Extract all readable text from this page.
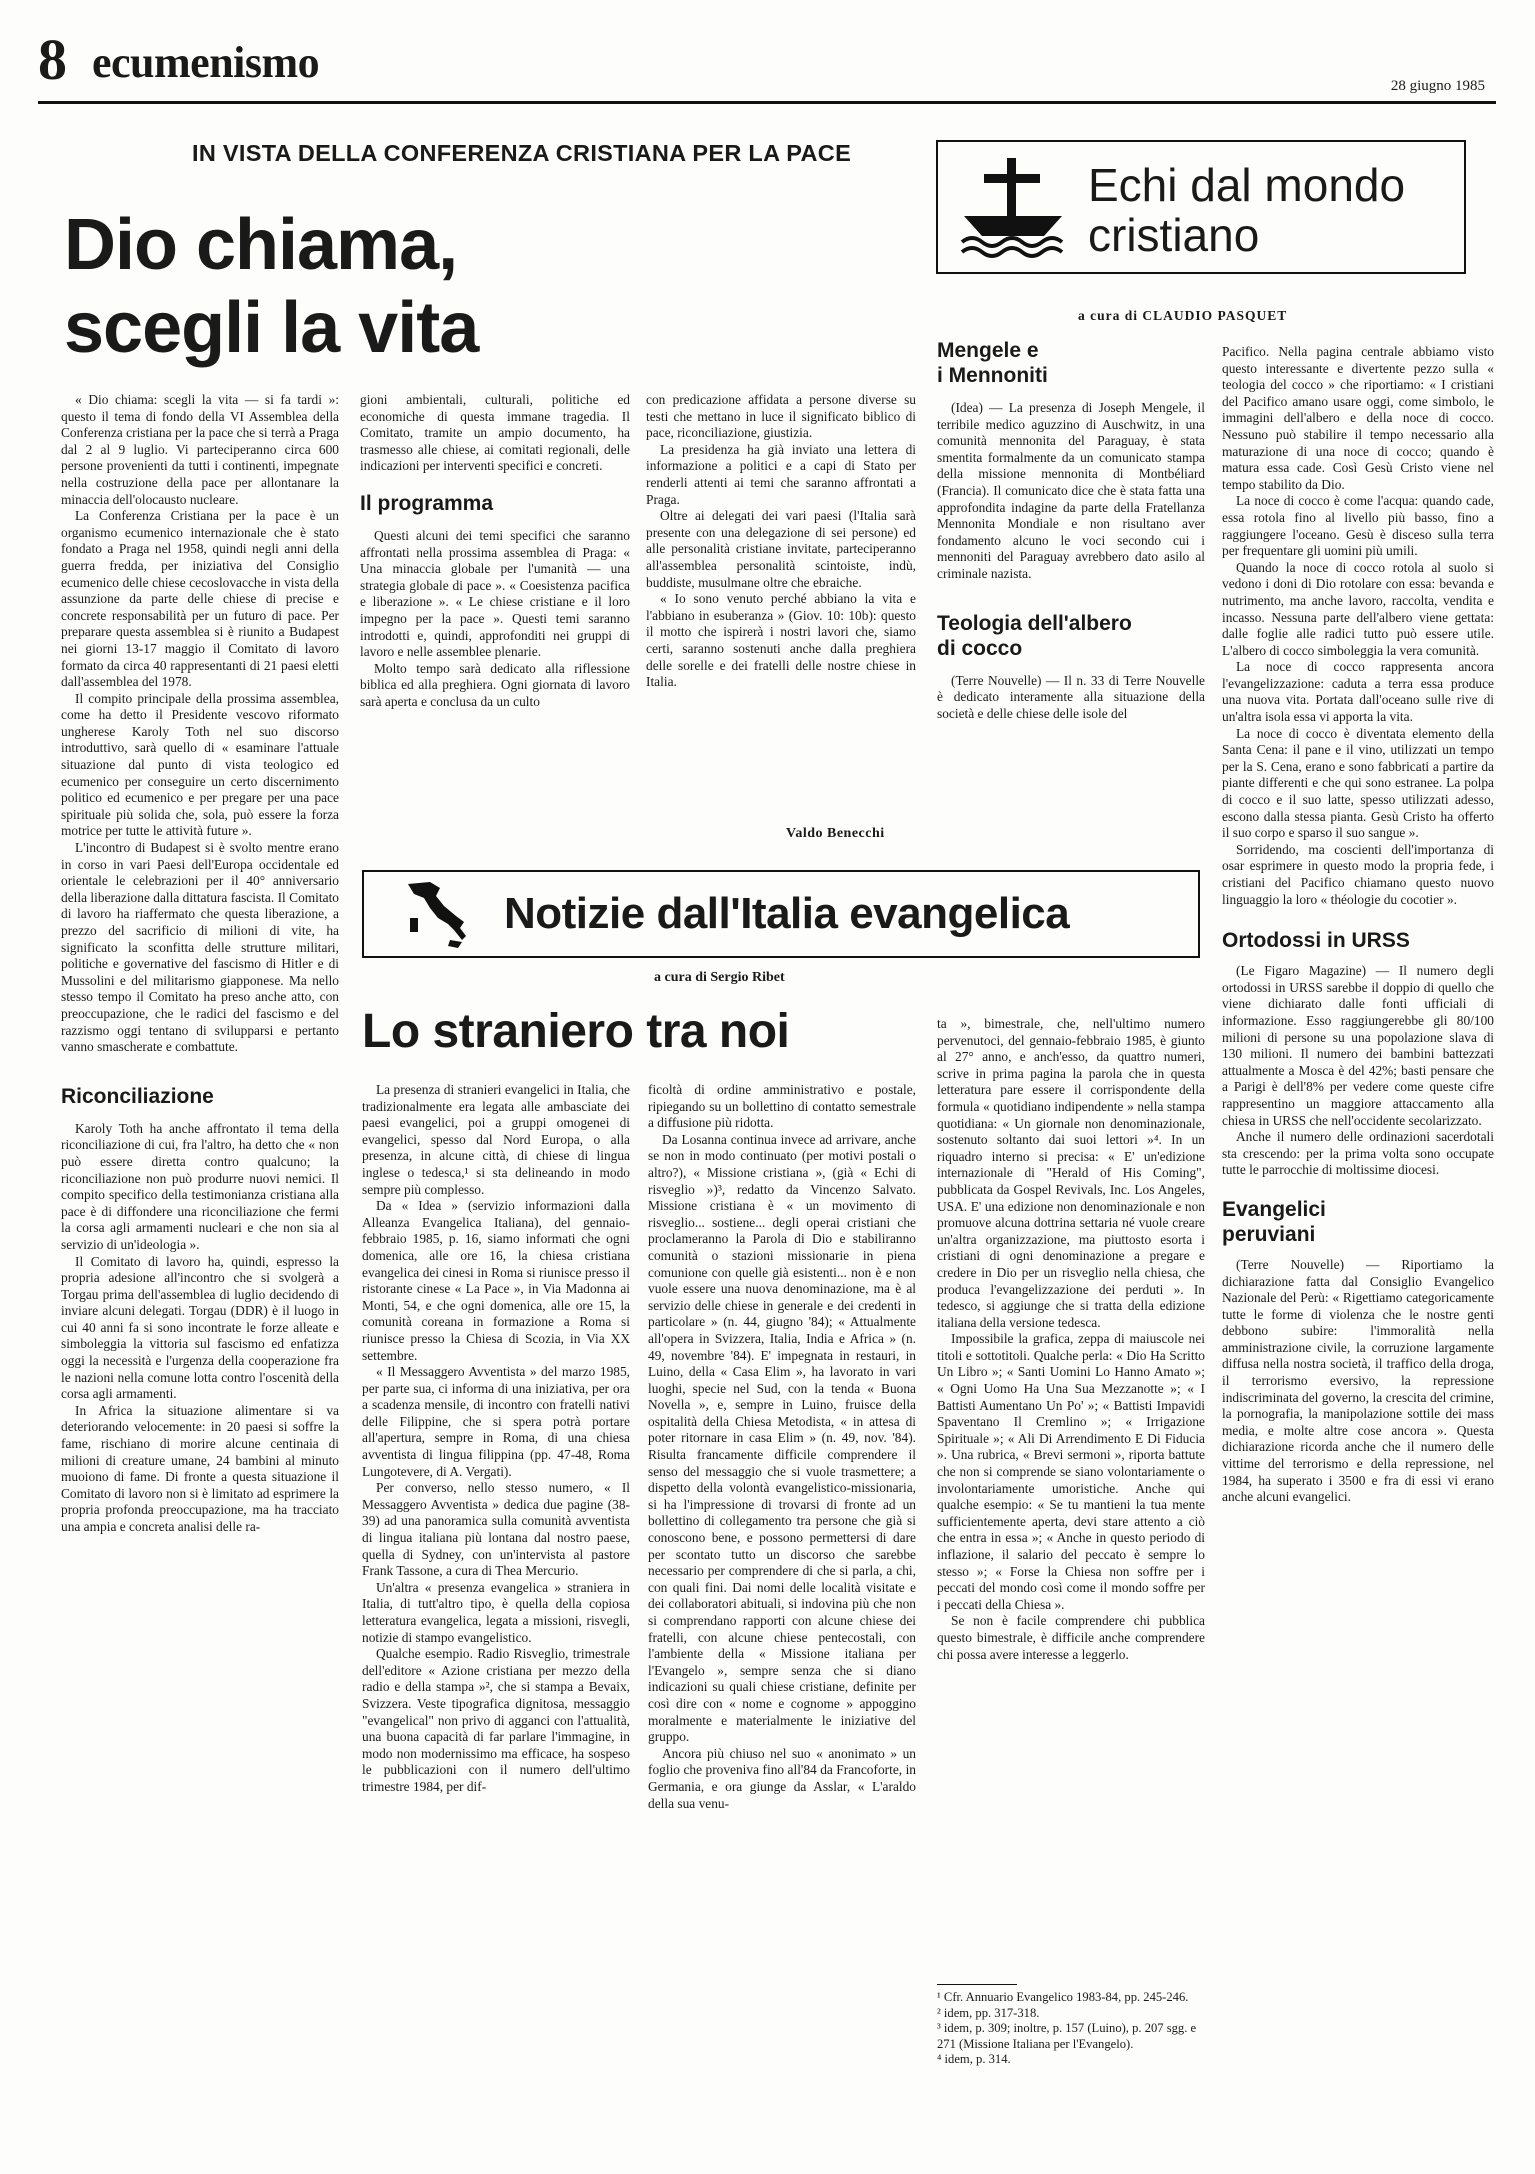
8 ecumenismo	28 giugno 1985
IN VISTA DELLA CONFERENZA CRISTIANA PER LA PACE
Dio chiama,
scegli la vita

« Dio chiama: scegli la vita — si fa tardi »: questo il tema di fondo della VI Assemblea della Conferenza cristiana per la pace che si terrà a Praga dal 2 al 9 luglio. Vi parteciperanno circa 600 persone provenienti da tutti i continenti, impegnate nella costruzione della pace per allontanare la minaccia dell'olocausto nucleare.

La Conferenza Cristiana per la pace è un organismo ecumenico internazionale che è stato fondato a Praga nel 1958, quindi negli anni della guerra fredda, per iniziativa del Consiglio ecumenico delle chiese cecoslovacche in vista della assunzione da parte delle chiese di precise e concrete responsabilità per un futuro di pace. Per preparare questa assemblea si è riunito a Budapest nei giorni 13-17 maggio il Comitato di lavoro formato da circa 40 rappresentanti di 21 paesi eletti dall'assemblea del 1978.

Il compito principale della prossima assemblea, come ha detto il Presidente vescovo riformato ungherese Karoly Toth nel suo discorso introduttivo, sarà quello di « esaminare l'attuale situazione dal punto di vista teologico ed ecumenico per conseguire un certo discernimento politico ed ecumenico e per pregare per una pace spirituale più solida che, sola, può essere la forza motrice per tutte le attività future ».

L'incontro di Budapest si è svolto mentre erano in corso in vari Paesi dell'Europa occidentale ed orientale le celebrazioni per il 40° anniversario della liberazione dalla dittatura fascista. Il Comitato di lavoro ha riaffermato che questa liberazione, a prezzo del sacrificio di milioni di vite, ha significato la sconfitta delle strutture militari, politiche e governative del fascismo di Hitler e di Mussolini e del militarismo giapponese. Ma nello stesso tempo il Comitato ha preso anche atto, con preoccupazione, che le radici del fascismo e del razzismo oggi tentano di svilupparsi e pertanto vanno smascherate e combattute.

Riconciliazione

Karoly Toth ha anche affrontato il tema della riconciliazione di cui, fra l'altro, ha detto che « non può essere diretta contro qualcuno; la riconciliazione non può produrre nuovi nemici. Il compito specifico della testimonianza cristiana alla pace è di diffondere una riconciliazione che fermi la corsa agli armamenti nucleari e che non sia al servizio di un'ideologia ».

Il Comitato di lavoro ha, quindi, espresso la propria adesione all'incontro che si svolgerà a Torgau prima dell'assemblea di luglio decidendo di inviare alcuni delegati. Torgau (DDR) è il luogo in cui 40 anni fa si sono incontrate le forze alleate e simboleggia la vittoria sul fascismo ed enfatizza oggi la necessità e l'urgenza della cooperazione fra le nazioni nella comune lotta contro l'oscenità della corsa agli armamenti.

In Africa la situazione alimentare si va deteriorando velocemente: in 20 paesi si soffre la fame, rischiano di morire alcune centinaia di milioni di creature umane, 24 bambini al minuto muoiono di fame. Di fronte a questa situazione il Comitato di lavoro non si è limitato ad esprimere la propria profonda preoccupazione, ma ha tracciato una ampia e concreta analisi delle ra-

gioni ambientali, culturali, politiche ed economiche di questa immane tragedia. Il Comitato, tramite un ampio documento, ha trasmesso alle chiese, ai comitati regionali, delle indicazioni per interventi specifici e concreti.

Il programma

Questi alcuni dei temi specifici che saranno affrontati nella prossima assemblea di Praga: « Una minaccia globale per l'umanità — una strategia globale di pace ». « Coesistenza pacifica e liberazione ». « Le chiese cristiane e il loro impegno per la pace ». Questi temi saranno introdotti e, quindi, approfonditi nei gruppi di lavoro e nelle assemblee plenarie.

Molto tempo sarà dedicato alla riflessione biblica ed alla preghiera. Ogni giornata di lavoro sarà aperta e conclusa da un culto

con predicazione affidata a persone diverse su testi che mettano in luce il significato biblico di pace, riconciliazione, giustizia.

La presidenza ha già inviato una lettera di informazione a politici e a capi di Stato per renderli attenti ai temi che saranno affrontati a Praga.

Oltre ai delegati dei vari paesi (l'Italia sarà presente con una delegazione di sei persone) ed alle personalità cristiane invitate, parteciperanno all'assemblea personalità scintoiste, indù, buddiste, musulmane oltre che ebraiche.

« Io sono venuto perché abbiano la vita e l'abbiano in esuberanza » (Giov. 10: 10b): questo il motto che ispirerà i nostri lavori che, siamo certi, saranno sostenuti anche dalla preghiera delle sorelle e dei fratelli delle nostre chiese in Italia.

Valdo Benecchi
Echi dal mondo
cristiano
a cura di CLAUDIO PASQUET
Mengele e
i Mennoniti

(Idea) — La presenza di Joseph Mengele, il terribile medico aguzzino di Auschwitz, in una comunità mennonita del Paraguay, è stata smentita formalmente da un comunicato stampa della missione mennonita di Montbéliard (Francia). Il comunicato dice che è stata fatta una approfondita indagine da parte della Fratellanza Mennonita Mondiale e non risultano aver fondamento alcuno le voci secondo cui i mennoniti del Paraguay avrebbero dato asilo al criminale nazista.

Teologia dell'albero
di cocco

(Terre Nouvelle) — Il n. 33 di Terre Nouvelle è dedicato interamente alla situazione della società e delle chiese delle isole del

Pacifico. Nella pagina centrale abbiamo visto questo interessante e divertente pezzo sulla « teologia del cocco » che riportiamo: « I cristiani del Pacifico amano usare oggi, come simbolo, le immagini dell'albero e della noce di cocco. Nessuno può stabilire il tempo necessario alla maturazione di una noce di cocco; quando è matura essa cade. Così Gesù Cristo viene nel tempo stabilito da Dio.

La noce di cocco è come l'acqua: quando cade, essa rotola fino al livello più basso, fino a raggiungere l'oceano. Gesù è disceso sulla terra per frequentare gli uomini più umili.

Quando la noce di cocco rotola al suolo si vedono i doni di Dio rotolare con essa: bevanda e nutrimento, ma anche lavoro, raccolta, vendita e incasso. Nessuna parte dell'albero viene gettata: dalle foglie alle radici tutto può essere utile. L'albero di cocco simboleggia la vera comunità.

La noce di cocco rappresenta ancora l'evangelizzazione: caduta a terra essa produce una nuova vita. Portata dall'oceano sulle rive di un'altra isola essa vi apporta la vita.

La noce di cocco è diventata elemento della Santa Cena: il pane e il vino, utilizzati un tempo per la S. Cena, erano e sono fabbricati a partire da piante differenti e che qui sono estranee. La polpa di cocco e il suo latte, spesso utilizzati adesso, escono dalla stessa pianta. Gesù Cristo ha offerto il suo corpo e sparso il suo sangue ».

Sorridendo, ma coscienti dell'importanza di osar esprimere in questo modo la propria fede, i cristiani del Pacifico chiamano questo nuovo linguaggio la loro « théologie du cocotier ».

Ortodossi in URSS

(Le Figaro Magazine) — Il numero degli ortodossi in URSS sarebbe il doppio di quello che viene dichiarato dalle fonti ufficiali di informazione. Esso raggiungerebbe gli 80/100 milioni di persone su una popolazione slava di 130 milioni. Il numero dei bambini battezzati attualmente a Mosca è del 42%; basti pensare che a Parigi è dell'8% per vedere come queste cifre rappresentino un maggiore attaccamento alla chiesa in URSS che nell'occidente secolarizzato.

Anche il numero delle ordinazioni sacerdotali sta crescendo: per la prima volta sono occupate tutte le parrocchie di moltissime diocesi.

Evangelici
peruviani

(Terre Nouvelle) — Riportiamo la dichiarazione fatta dal Consiglio Evangelico Nazionale del Perù: « Rigettiamo categoricamente tutte le forme di violenza che le nostre genti debbono subire: l'immoralità nella amministrazione civile, la corruzione largamente diffusa nella nostra società, il traffico della droga, il terrorismo eversivo, la repressione indiscriminata del governo, la crescita del crimine, la pornografia, la manipolazione sottile dei mass media, e molte altre cose ancora ». Questa dichiarazione ricorda anche che il numero delle vittime del terrorismo e della repressione, nel 1984, ha superato i 3500 e fra di essi vi erano anche alcuni evangelici.

Notizie dall'Italia evangelica
a cura di Sergio Ribet
Lo straniero tra noi

La presenza di stranieri evangelici in Italia, che tradizionalmente era legata alle ambasciate dei paesi evangelici, poi a gruppi omogenei di evangelici, spesso dal Nord Europa, o alla presenza, in alcune città, di chiese di lingua inglese o tedesca,¹ si sta delineando in modo sempre più complesso.

Da « Idea » (servizio informazioni dalla Alleanza Evangelica Italiana), del gennaio-febbraio 1985, p. 16, siamo informati che ogni domenica, alle ore 16, la chiesa cristiana evangelica dei cinesi in Roma si riunisce presso il ristorante cinese « La Pace », in Via Madonna ai Monti, 54, e che ogni domenica, alle ore 15, la comunità coreana in formazione a Roma si riunisce presso la Chiesa di Scozia, in Via XX settembre.

« Il Messaggero Avventista » del marzo 1985, per parte sua, ci informa di una iniziativa, per ora a scadenza mensile, di incontro con fratelli nativi delle Filippine, che si spera potrà portare all'apertura, sempre in Roma, di una chiesa avventista di lingua filippina (pp. 47-48, Roma Lungotevere, di A. Vergati).

Per converso, nello stesso numero, « Il Messaggero Avventista » dedica due pagine (38-39) ad una panoramica sulla comunità avventista di lingua italiana più lontana dal nostro paese, quella di Sydney, con un'intervista al pastore Frank Tassone, a cura di Thea Mercurio.

Un'altra « presenza evangelica » straniera in Italia, di tutt'altro tipo, è quella della copiosa letteratura evangelica, legata a missioni, risvegli, notizie di stampo evangelistico.

Qualche esempio. Radio Risveglio, trimestrale dell'editore « Azione cristiana per mezzo della radio e della stampa »², che si stampa a Bevaix, Svizzera. Veste tipografica dignitosa, messaggio "evangelical" non privo di agganci con l'attualità, una buona capacità di far parlare l'immagine, in modo non modernissimo ma efficace, ha sospeso le pubblicazioni con il numero dell'ultimo trimestre 1984, per dif-

ficoltà di ordine amministrativo e postale, ripiegando su un bollettino di contatto semestrale a diffusione più ridotta.

Da Losanna continua invece ad arrivare, anche se non in modo continuato (per motivi postali o altro?), « Missione cristiana », (già « Echi di risveglio »)³, redatto da Vincenzo Salvato. Missione cristiana è « un movimento di risveglio... sostiene... degli operai cristiani che proclameranno la Parola di Dio e stabiliranno comunità o stazioni missionarie in piena comunione con quelle già esistenti... non è e non vuole essere una nuova denominazione, ma è al servizio delle chiese in generale e dei credenti in particolare » (n. 44, giugno '84); « Attualmente all'opera in Svizzera, Italia, India e Africa » (n. 49, novembre '84). E' impegnata in restauri, in Luino, della « Casa Elim », ha lavorato in vari luoghi, specie nel Sud, con la tenda « Buona Novella », e, sempre in Luino, fruisce della ospitalità della Chiesa Metodista, « in attesa di poter ritornare in casa Elim » (n. 49, nov. '84). Risulta francamente difficile comprendere il senso del messaggio che si vuole trasmettere; a dispetto della volontà evangelistico-missionaria, si ha l'impressione di trovarsi di fronte ad un bollettino di collegamento tra persone che già si conoscono bene, e possono permettersi di dare per scontato tutto un discorso che sarebbe necessario per comprendere di che si parla, a chi, con quali fini. Dai nomi delle località visitate e dei collaboratori abituali, si indovina più che non si comprendano rapporti con alcune chiese dei fratelli, con alcune chiese pentecostali, con l'ambiente della « Missione italiana per l'Evangelo », sempre senza che si diano indicazioni su quali chiese cristiane, definite per così dire con « nome e cognome » appoggino moralmente e materialmente le iniziative del gruppo.

Ancora più chiuso nel suo « anonimato » un foglio che proveniva fino all'84 da Francoforte, in Germania, e ora giunge da Asslar, « L'araldo della sua venu-

ta », bimestrale, che, nell'ultimo numero pervenutoci, del gennaio-febbraio 1985, è giunto al 27° anno, e anch'esso, da quattro numeri, scrive in prima pagina la parola che in questa letteratura pare essere il corrispondente della formula « quotidiano indipendente » nella stampa quotidiana: « Un giornale non denominazionale, sostenuto soltanto dai suoi lettori »⁴. In un riquadro interno si precisa: « E' un'edizione internazionale di "Herald of His Coming", pubblicata da Gospel Revivals, Inc. Los Angeles, USA. E' una edizione non denominazionale e non promuove alcuna dottrina settaria né vuole creare un'altra organizzazione, ma piuttosto esorta i cristiani di ogni denominazione a pregare e credere in Dio per un risveglio nella chiesa, che produca l'evangelizzazione dei perduti ». In tedesco, si aggiunge che si tratta della edizione italiana della versione tedesca.

Impossibile la grafica, zeppa di maiuscole nei titoli e sottotitoli. Qualche perla: « Dio Ha Scritto Un Libro »; « Santi Uomini Lo Hanno Amato »; « Ogni Uomo Ha Una Sua Mezzanotte »; « I Battisti Aumentano Un Po' »; « Battisti Impavidi Spaventano Il Cremlino »; « Irrigazione Spirituale »; « Ali Di Arrendimento E Di Fiducia ». Una rubrica, « Brevi sermoni », riporta battute che non si comprende se siano volontariamente o involontariamente umoristiche. Anche qui qualche esempio: « Se tu mantieni la tua mente sufficientemente aperta, devi stare attento a ciò che entra in essa »; « Anche in questo periodo di inflazione, il salario del peccato è sempre lo stesso »; « Forse la Chiesa non soffre per i peccati del mondo così come il mondo soffre per i peccati della Chiesa ».

Se non è facile comprendere chi pubblica questo bimestrale, è difficile anche comprendere chi possa avere interesse a leggerlo.

¹ Cfr. Annuario Evangelico 1983-84, pp. 245-246.
² idem, pp. 317-318.
³ idem, p. 309; inoltre, p. 157 (Luino), p. 207 sgg. e 271 (Missione Italiana per l'Evangelo).
⁴ idem, p. 314.
